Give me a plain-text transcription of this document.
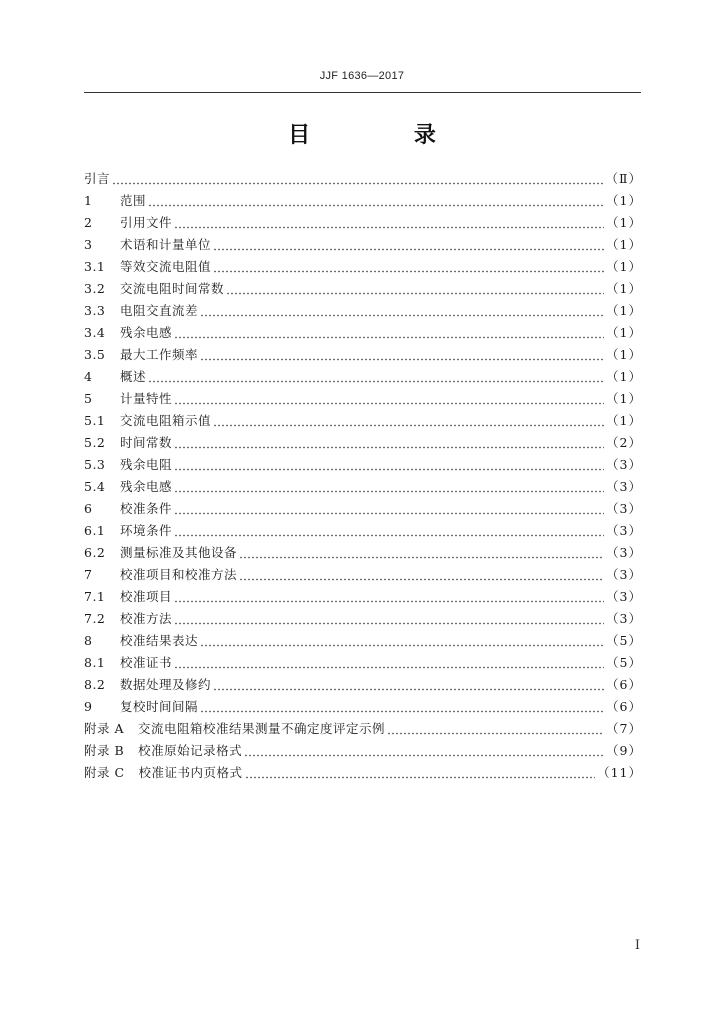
JJF 1636—2017
目 录
引言	（Ⅱ）
1 范围	（1）
2 引用文件	（1）
3 术语和计量单位	（1）
3.1 等效交流电阻值	（1）
3.2 交流电阻时间常数	（1）
3.3 电阻交直流差	（1）
3.4 残余电感	（1）
3.5 最大工作频率	（1）
4 概述	（1）
5 计量特性	（1）
5.1 交流电阻箱示值	（1）
5.2 时间常数	（2）
5.3 残余电阻	（3）
5.4 残余电感	（3）
6 校准条件	（3）
6.1 环境条件	（3）
6.2 测量标准及其他设备	（3）
7 校准项目和校准方法	（3）
7.1 校准项目	（3）
7.2 校准方法	（3）
8 校准结果表达	（5）
8.1 校准证书	（5）
8.2 数据处理及修约	（6）
9 复校时间间隔	（6）
附录 A 交流电阻箱校准结果测量不确定度评定示例	（7）
附录 B 校准原始记录格式	（9）
附录 C 校准证书内页格式	（11）
Ⅰ
